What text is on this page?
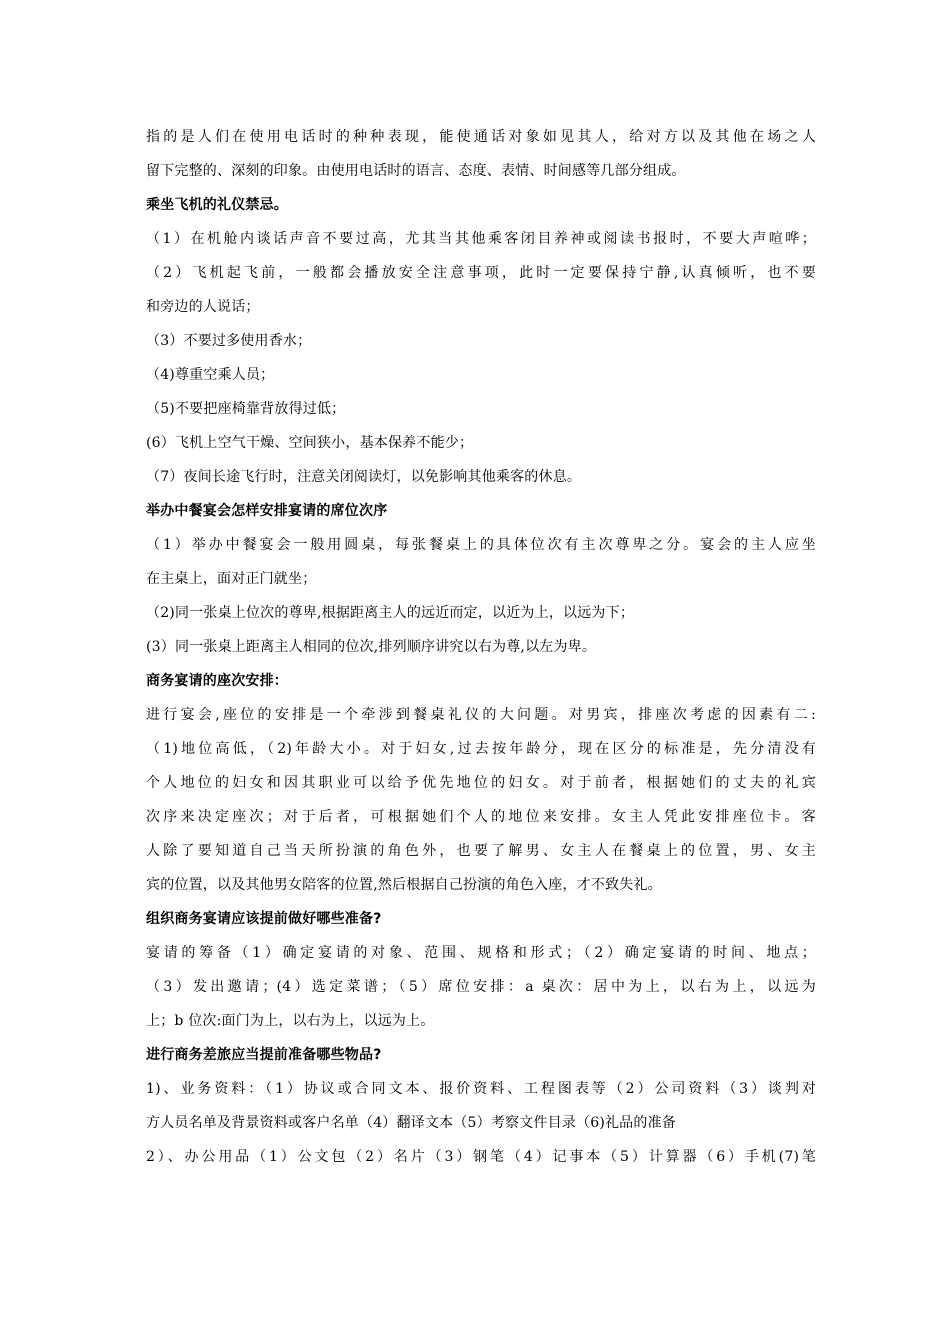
指的是人们在使用电话时的种种表现，能使通话对象如见其人，给对方以及其他在场之人
留下完整的、深刻的印象。由使用电话时的语言、态度、表情、时间感等几部分组成。
乘坐飞机的礼仪禁忌。
（1）在机舱内谈话声音不要过高，尤其当其他乘客闭目养神或阅读书报时，不要大声喧哗；
（2）飞机起飞前，一般都会播放安全注意事项，此时一定要保持宁静,认真倾听，也不要
和旁边的人说话；
（3）不要过多使用香水；
（4)尊重空乘人员；
（5)不要把座椅靠背放得过低；
(6）飞机上空气干燥、空间狭小，基本保养不能少；
（7）夜间长途飞行时，注意关闭阅读灯，以免影响其他乘客的休息。
举办中餐宴会怎样安排宴请的席位次序
（1）举办中餐宴会一般用圆桌，每张餐桌上的具体位次有主次尊卑之分。宴会的主人应坐
在主桌上，面对正门就坐；
（2)同一张桌上位次的尊卑,根据距离主人的远近而定，以近为上，以远为下；
(3）同一张桌上距离主人相同的位次,排列顺序讲究以右为尊,以左为卑。
商务宴请的座次安排：
进行宴会,座位的安排是一个牵涉到餐桌礼仪的大问题。对男宾，排座次考虑的因素有二:
（1)地位高低，（2)年龄大小。对于妇女,过去按年龄分，现在区分的标准是，先分清没有
个人地位的妇女和因其职业可以给予优先地位的妇女。对于前者，根据她们的丈夫的礼宾
次序来决定座次；对于后者，可根据她们个人的地位来安排。女主人凭此安排座位卡。客
人除了要知道自己当天所扮演的角色外，也要了解男、女主人在餐桌上的位置，男、女主
宾的位置，以及其他男女陪客的位置,然后根据自己扮演的角色入座，才不致失礼。
组织商务宴请应该提前做好哪些准备?
宴请的筹备（1）确定宴请的对象、范围、规格和形式；（2）确定宴请的时间、地点；
（3）发出邀请；(4）选定菜谱；（5）席位安排：a 桌次：居中为上，以右为上，以远为
上；b 位次:面门为上，以右为上，以远为上。
进行商务差旅应当提前准备哪些物品?
1)、业务资料：（1）协议或合同文本、报价资料、工程图表等（2）公司资料（3）谈判对
方人员名单及背景资料或客户名单（4）翻译文本（5）考察文件目录（6)礼品的准备
2）、办公用品（1）公文包（2）名片（3）钢笔（4）记事本（5）计算器（6）手机(7)笔
